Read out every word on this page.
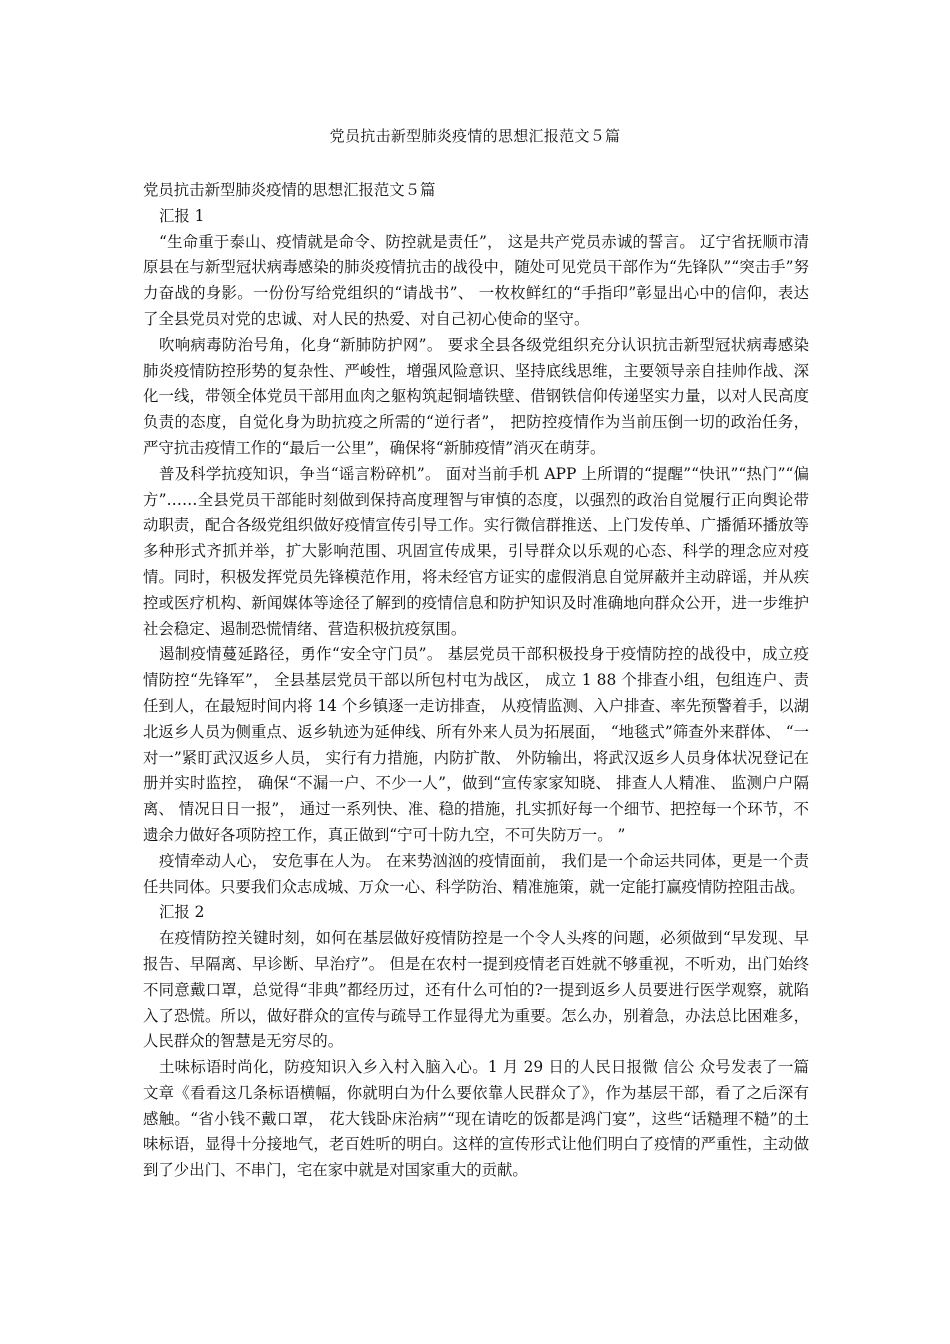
党员抗击新型肺炎疫情的思想汇报范文５篇

党员抗击新型肺炎疫情的思想汇报范文５篇

汇报 1

“生命重于泰山、疫情就是命令、防控就是责任”， 这是共产党员赤诚的誓言。 辽宁省抚顺市清原县在与新型冠状病毒感染的肺炎疫情抗击的战役中，随处可见党员干部作为“先锋队”“突击手”努力奋战的身影。一份份写给党组织的“请战书”、 一枚枚鲜红的“手指印”彰显出心中的信仰，表达了全县党员对党的忠诚、对人民的热爱、对自己初心使命的坚守。

吹响病毒防治号角，化身“新肺防护网”。 要求全县各级党组织充分认识抗击新型冠状病毒感染肺炎疫情防控形势的复杂性、严峻性，增强风险意识、坚持底线思维，主要领导亲自挂帅作战、深化一线，带领全体党员干部用血肉之躯构筑起铜墙铁壁、借钢铁信仰传递坚实力量，以对人民高度负责的态度，自觉化身为助抗疫之所需的“逆行者”， 把防控疫情作为当前压倒一切的政治任务， 严守抗击疫情工作的“最后一公里”，确保将“新肺疫情”消灭在萌芽。

普及科学抗疫知识，争当“谣言粉碎机”。 面对当前手机 APP 上所谓的“提醒”“快讯”“热门”“偏方”……全县党员干部能时刻做到保持高度理智与审慎的态度，以强烈的政治自觉履行正向舆论带动职责，配合各级党组织做好疫情宣传引导工作。实行微信群推送、上门发传单、广播循环播放等多种形式齐抓并举，扩大影响范围、巩固宣传成果，引导群众以乐观的心态、科学的理念应对疫情。同时，积极发挥党员先锋模范作用，将未经官方证实的虚假消息自觉屏蔽并主动辟谣，并从疾控或医疗机构、新闻媒体等途径了解到的疫情信息和防护知识及时准确地向群众公开，进一步维护社会稳定、遏制恐慌情绪、营造积极抗疫氛围。

遏制疫情蔓延路径，勇作“安全守门员”。 基层党员干部积极投身于疫情防控的战役中，成立疫情防控“先锋军”， 全县基层党员干部以所包村屯为战区， 成立 1 88 个排查小组，包组连户、责任到人，在最短时间内将 14 个乡镇逐一走访排查， 从疫情监测、入户排查、率先预警着手，以湖北返乡人员为侧重点、返乡轨迹为延伸线、所有外来人员为拓展面， “地毯式”筛查外来群体、 “一对一”紧盯武汉返乡人员， 实行有力措施，内防扩散、 外防输出，将武汉返乡人员身体状况登记在册并实时监控， 确保“不漏一户、不少一人”，做到“宣传家家知晓、 排查人人精准、 监测户户隔离、 情况日日一报”， 通过一系列快、准、稳的措施，扎实抓好每一个细节、把控每一个环节，不遗余力做好各项防控工作，真正做到“宁可十防九空，不可失防万一。 ”

疫情牵动人心， 安危事在人为。 在来势汹汹的疫情面前， 我们是一个命运共同体，更是一个责任共同体。只要我们众志成城、万众一心、科学防治、精准施策，就一定能打赢疫情防控阻击战。

汇报 2

在疫情防控关键时刻，如何在基层做好疫情防控是一个令人头疼的问题，必须做到“早发现、早报告、早隔离、早诊断、早治疗”。 但是在农村一提到疫情老百姓就不够重视，不听劝，出门始终不同意戴口罩，总觉得“非典”都经历过，还有什么可怕的?一提到返乡人员要进行医学观察，就陷入了恐慌。所以，做好群众的宣传与疏导工作显得尤为重要。怎么办，别着急，办法总比困难多，人民群众的智慧是无穷尽的。

土味标语时尚化，防疫知识入乡入村入脑入心。1 月 29 日的人民日报微 信公 众号发表了一篇文章《看看这几条标语横幅，你就明白为什么要依靠人民群众了》，作为基层干部，看了之后深有感触。“省小钱不戴口罩， 花大钱卧床治病”“现在请吃的饭都是鸿门宴”，这些“话糙理不糙”的土味标语，显得十分接地气，老百姓听的明白。这样的宣传形式让他们明白了疫情的严重性，主动做到了少出门、不串门，宅在家中就是对国家重大的贡献。
